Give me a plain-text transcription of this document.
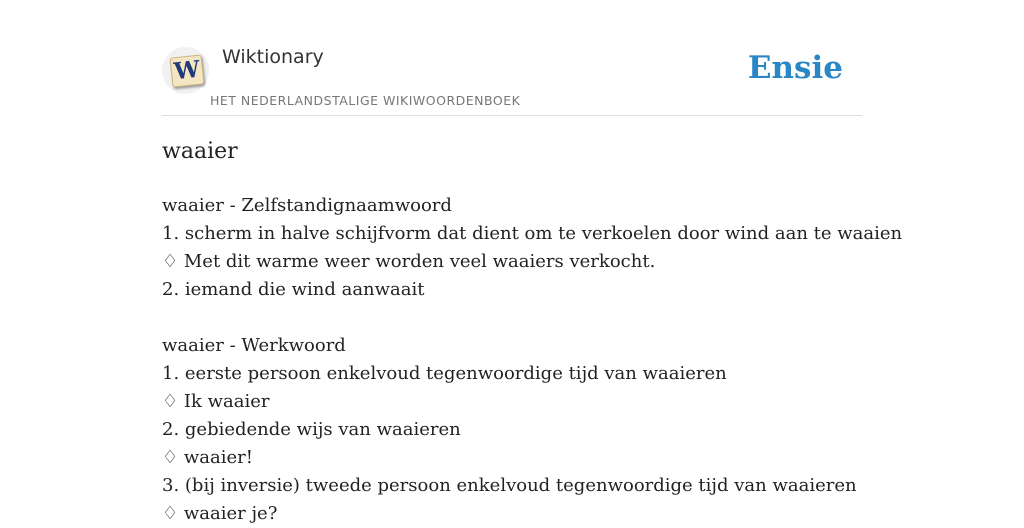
W Wiktionary
HET NEDERLANDSTALIGE WIKIWOORDENBOEK
Ensie
waaier
waaier - Zelfstandignaamwoord
1. scherm in halve schijfvorm dat dient om te verkoelen door wind aan te waaien
♢ Met dit warme weer worden veel waaiers verkocht.
2. iemand die wind aanwaait
waaier - Werkwoord
1. eerste persoon enkelvoud tegenwoordige tijd van waaieren
♢ Ik waaier
2. gebiedende wijs van waaieren
♢ waaier!
3. (bij inversie) tweede persoon enkelvoud tegenwoordige tijd van waaieren
♢ waaier je?
